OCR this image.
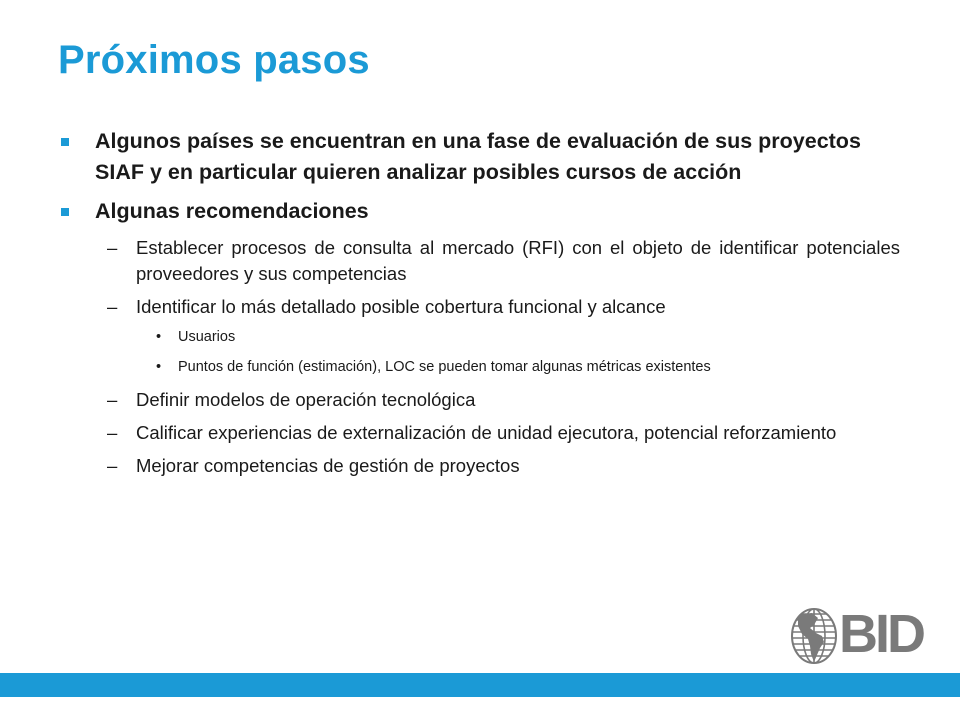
Próximos pasos
Algunos países se encuentran en una fase de evaluación de sus proyectos SIAF y en particular quieren analizar posibles cursos de acción
Algunas recomendaciones
– Establecer procesos de consulta al mercado (RFI) con el objeto de identificar potenciales proveedores y sus competencias
– Identificar lo más detallado posible cobertura funcional y alcance
• Usuarios
• Puntos de función (estimación), LOC se pueden tomar algunas métricas existentes
– Definir modelos de operación tecnológica
– Calificar experiencias de externalización de unidad ejecutora, potencial reforzamiento
– Mejorar competencias de gestión de proyectos
BID
